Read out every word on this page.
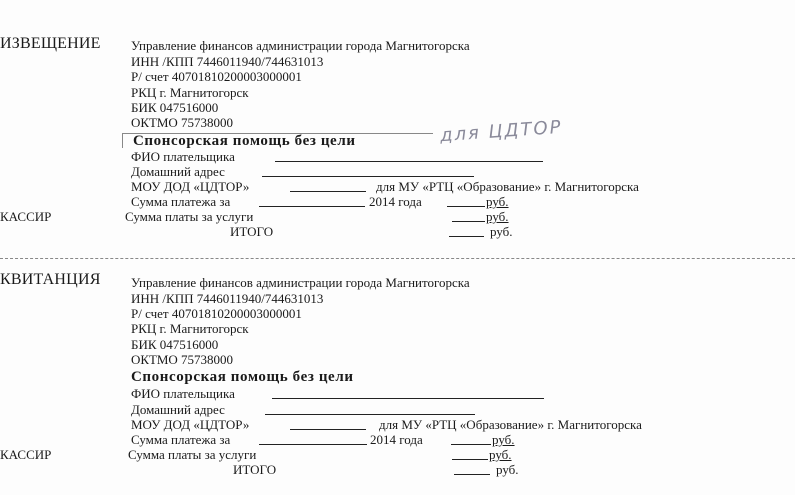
ИЗВЕЩЕНИЕ Управление финансов администрации города Магнитогорска
ИНН /КПП 7446011940/744631013
Р/ счет 40701810200003000001
РКЦ г. Магнитогорск
БИК 047516000
ОКТМО 75738000
Спонсорская помощь без цели	для ЦДТОР
ФИО плательщика
Домашний адрес
МОУ ДОД «ЦДТОР»	для МУ «РТЦ «Образование» г. Магнитогорска
Сумма платежа за	2014 года	руб.
КАССИР	Сумма платы за услуги	руб.
ИТОГО	руб.
КВИТАНЦИЯ Управление финансов администрации города Магнитогорска
ИНН /КПП 7446011940/744631013
Р/ счет 40701810200003000001
РКЦ г. Магнитогорск
БИК 047516000
ОКТМО 75738000
Спонсорская помощь без цели
ФИО плательщика
Домашний адрес
МОУ ДОД «ЦДТОР»	для МУ «РТЦ «Образование» г. Магнитогорска
Сумма платежа за	2014 года	руб.
КАССИР	Сумма платы за услуги	руб.
ИТОГО	руб.
